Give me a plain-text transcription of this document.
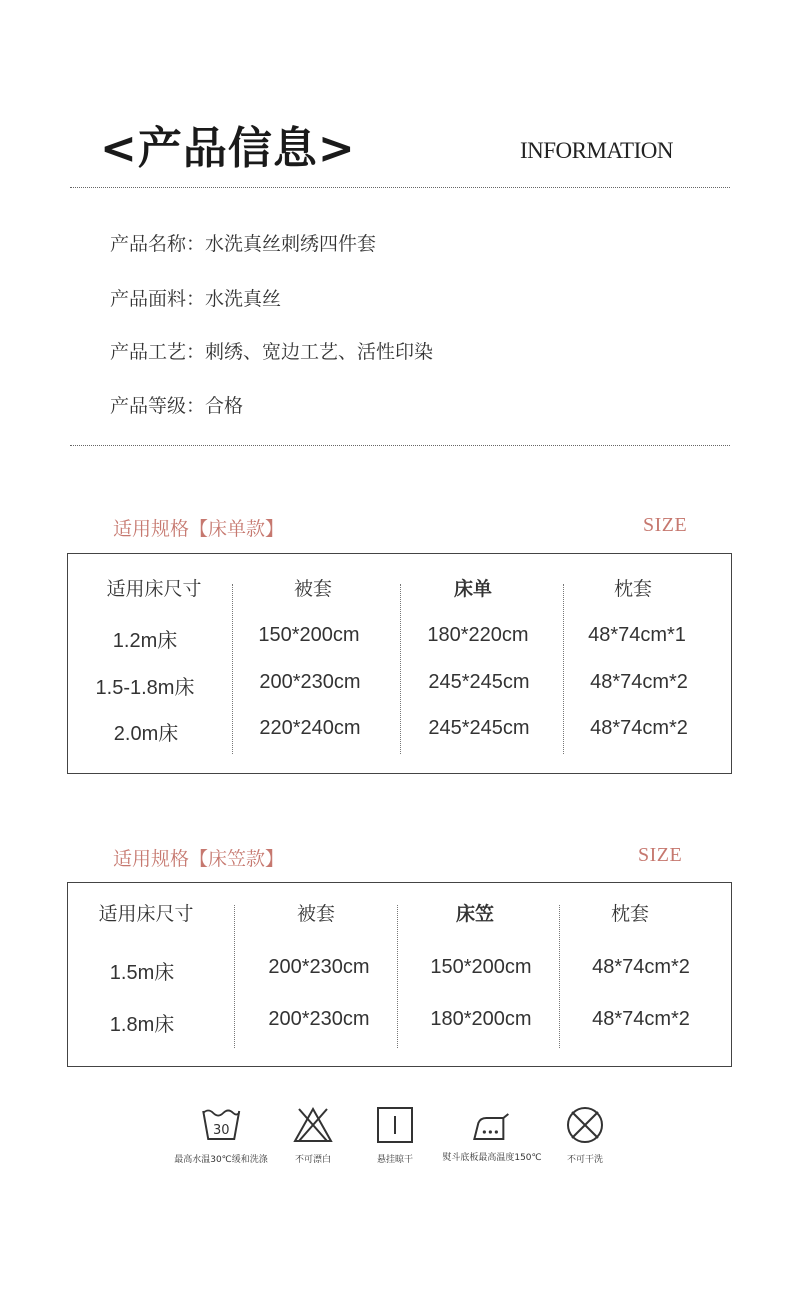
<产品信息>	INFORMATION
产品名称：水洗真丝刺绣四件套
产品面料：水洗真丝
产品工艺：刺绣、宽边工艺、活性印染
产品等级：合格
适用规格【床单款】	SIZE
适用床尺寸	被套	床单	枕套
1.2m床	150*200cm	180*220cm	48*74cm*1
1.5-1.8m床	200*230cm	245*245cm	48*74cm*2
2.0m床	220*240cm	245*245cm	48*74cm*2
适用规格【床笠款】	SIZE
适用床尺寸	被套	床笠	枕套
1.5m床	200*230cm	150*200cm	48*74cm*2
1.8m床	200*230cm	180*200cm	48*74cm*2
30
最高水温30℃缓和洗涤	不可漂白	悬挂晾干	熨斗底板最高温度150℃	不可干洗
